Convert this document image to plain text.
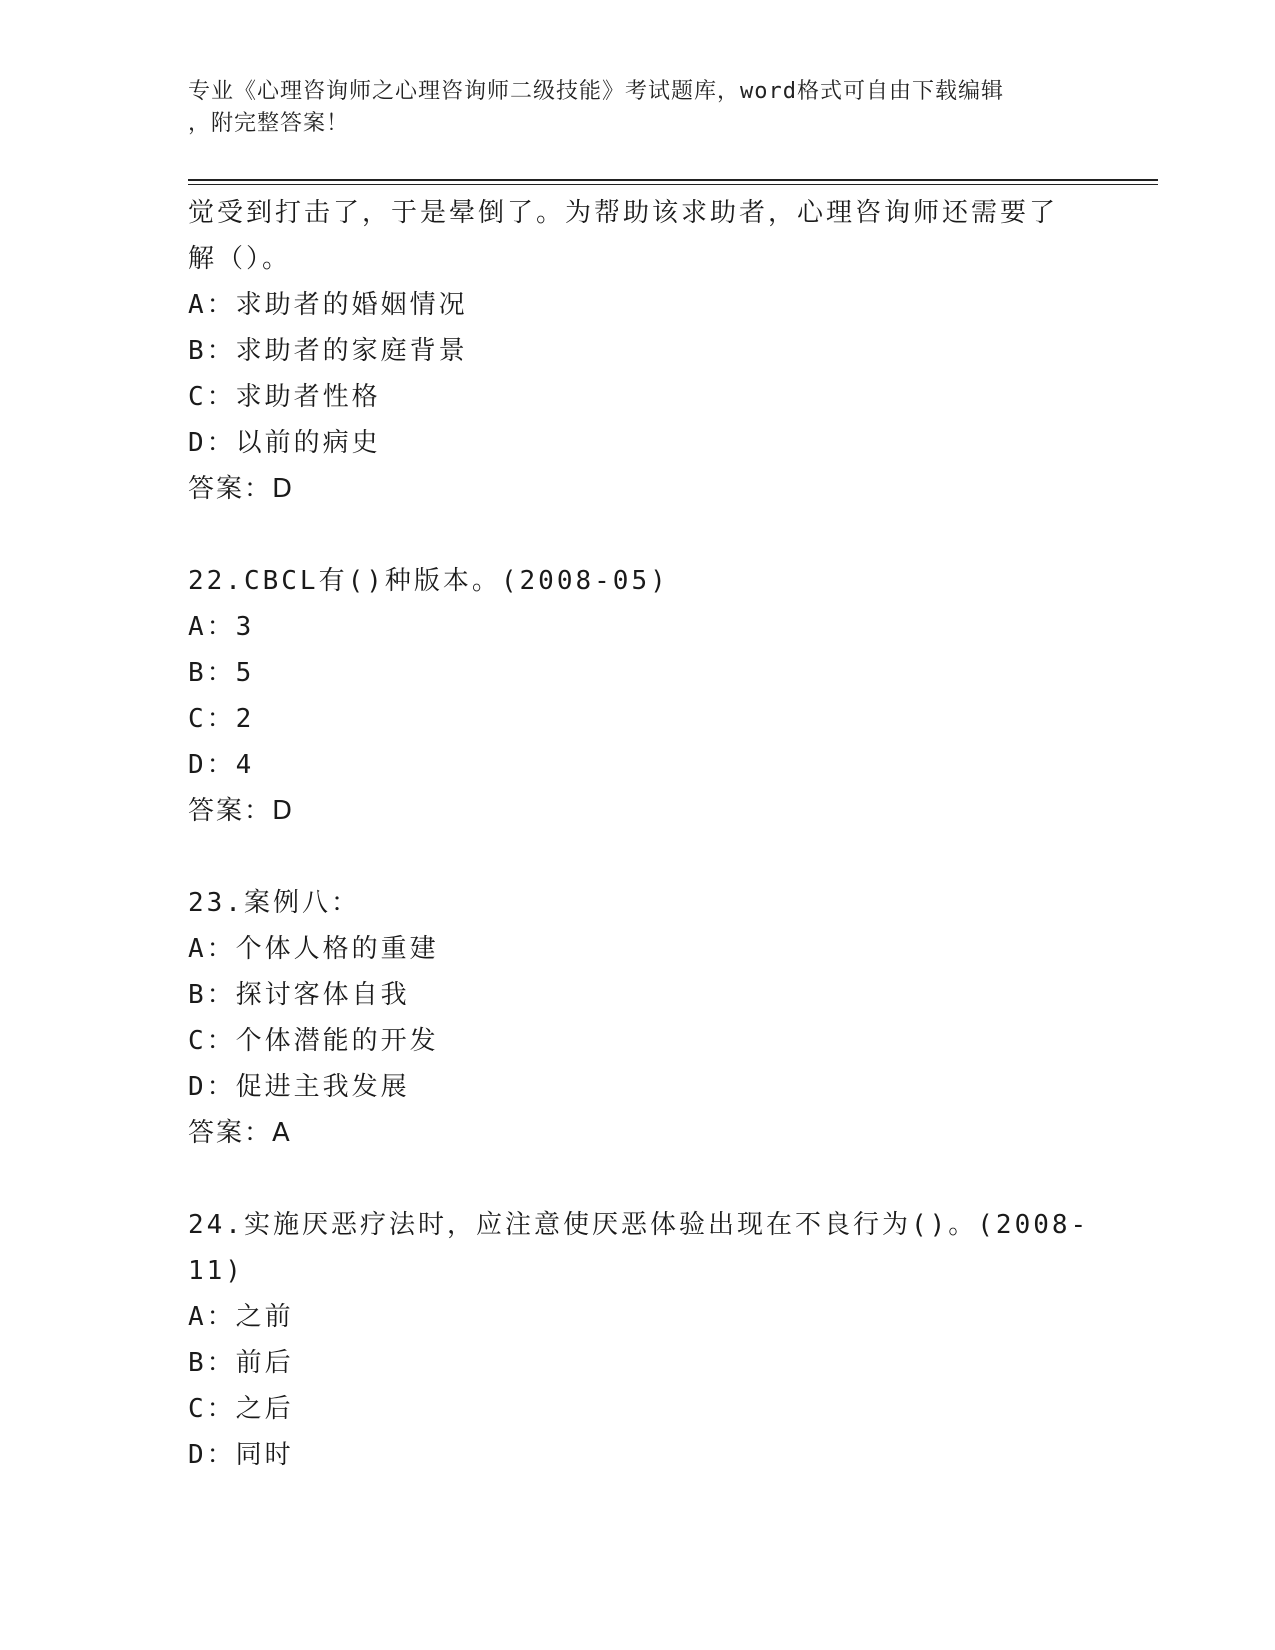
专业《心理咨询师之心理咨询师二级技能》考试题库，word格式可自由下载编辑
，附完整答案！
觉受到打击了，于是晕倒了。为帮助该求助者，心理咨询师还需要了
解（）。
A：求助者的婚姻情况
B：求助者的家庭背景
C：求助者性格
D：以前的病史
答案：D
22.CBCL有()种版本。(2008-05)
A：3
B：5
C：2
D：4
答案：D
23.案例八：
A：个体人格的重建
B：探讨客体自我
C：个体潜能的开发
D：促进主我发展
答案：A
24.实施厌恶疗法时，应注意使厌恶体验出现在不良行为()。(2008-
11)
A：之前
B：前后
C：之后
D：同时
